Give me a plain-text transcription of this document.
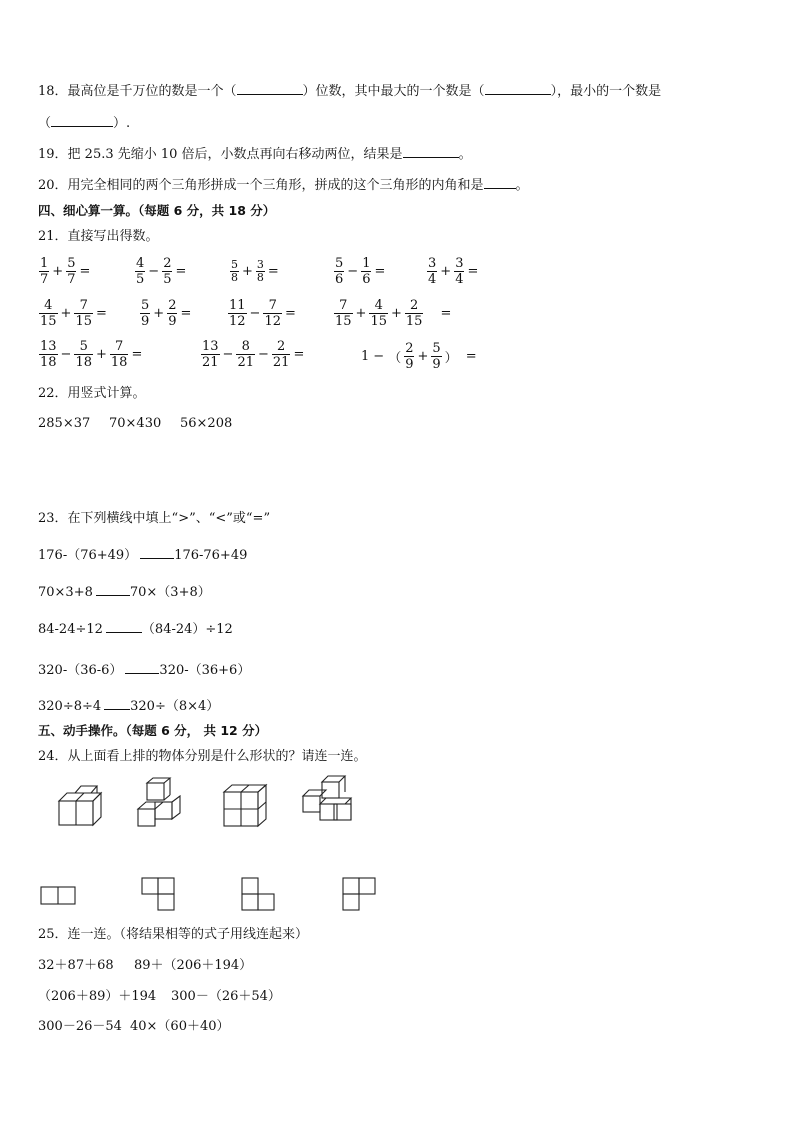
18．最高位是千万位的数是一个（	）位数，其中最大的一个数是（	），最小的一个数是
（	）.
19．把 25.3 先缩小 10 倍后，小数点再向右移动两位，结果是	。
20．用完全相同的两个三角形拼成一个三角形，拼成的这个三角形的内角和是 。
四、细心算一算。（每题 6 分，共 18 分）
21．直接写出得数。
$\frac{1}{7} + \frac{5}{7}$ =	$\frac{4}{5} - \frac{2}{5}$ =	$\frac{5}{8} + \frac{3}{8}$ =	$\frac{5}{6} - \frac{1}{6}$ =	$\frac{3}{4} + \frac{3}{4}$ =
$\frac{4}{15} + \frac{7}{15}$ =	$\frac{5}{9} + \frac{2}{9}$ =	$\frac{11}{12} - \frac{7}{12}$ =	$\frac{7}{15} + \frac{4}{15} + \frac{2}{15}$ =
$\frac{13}{18} - \frac{5}{18} + \frac{7}{18}$ =	$\frac{13}{21} - \frac{8}{21} - \frac{2}{21}$ =	1 − （ $\frac{2}{9} + \frac{5}{9}$ ） =
22．用竖式计算。
285×37 70×430 56×208
23．在下列横线中填上“>”、“<”或“=”
176-（76+49）	176-76+49
70×3+8	70×（3+8）
84-24÷12	（84-24）÷12
320-（36-6）	320-（36+6）
320÷8÷4 320÷（8×4）
五、动手操作。（每题 6 分， 共 12 分）
24．从上面看上排的物体分别是什么形状的？请连一连。
25．连一连。（将结果相等的式子用线连起来）
32＋87＋68 89＋（206＋194）
（206＋89）＋194 300－（26＋54）
300－26－54 40×（60＋40）
